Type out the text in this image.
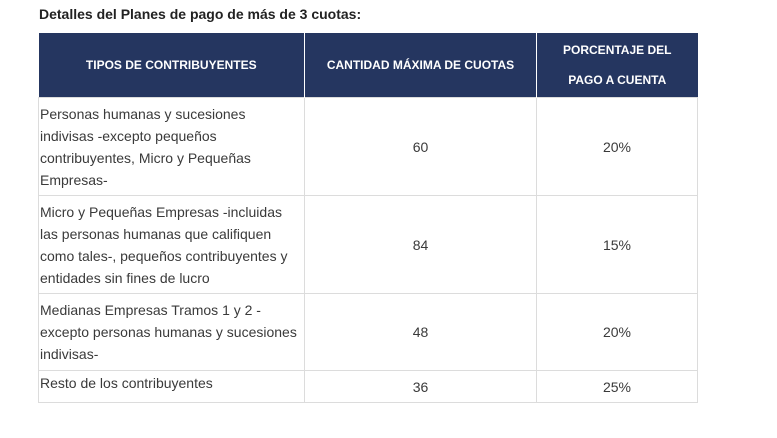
Detalles del Planes de pago de más de 3 cuotas:
TIPOS DE CONTRIBUYENTES	CANTIDAD MÁXIMA DE CUOTAS	PORCENTAJE DEL
PAGO A CUENTA

Personas humanas y sucesiones indivisas -excepto pequeños contribuyentes, Micro y Pequeñas Empresas-	60	20%
Micro y Pequeñas Empresas -incluidas las personas humanas que califiquen como tales-, pequeños contribuyentes y entidades sin fines de lucro	84	15%
Medianas Empresas Tramos 1 y 2 -excepto personas humanas y sucesiones indivisas-	48	20%
Resto de los contribuyentes	36	25%
